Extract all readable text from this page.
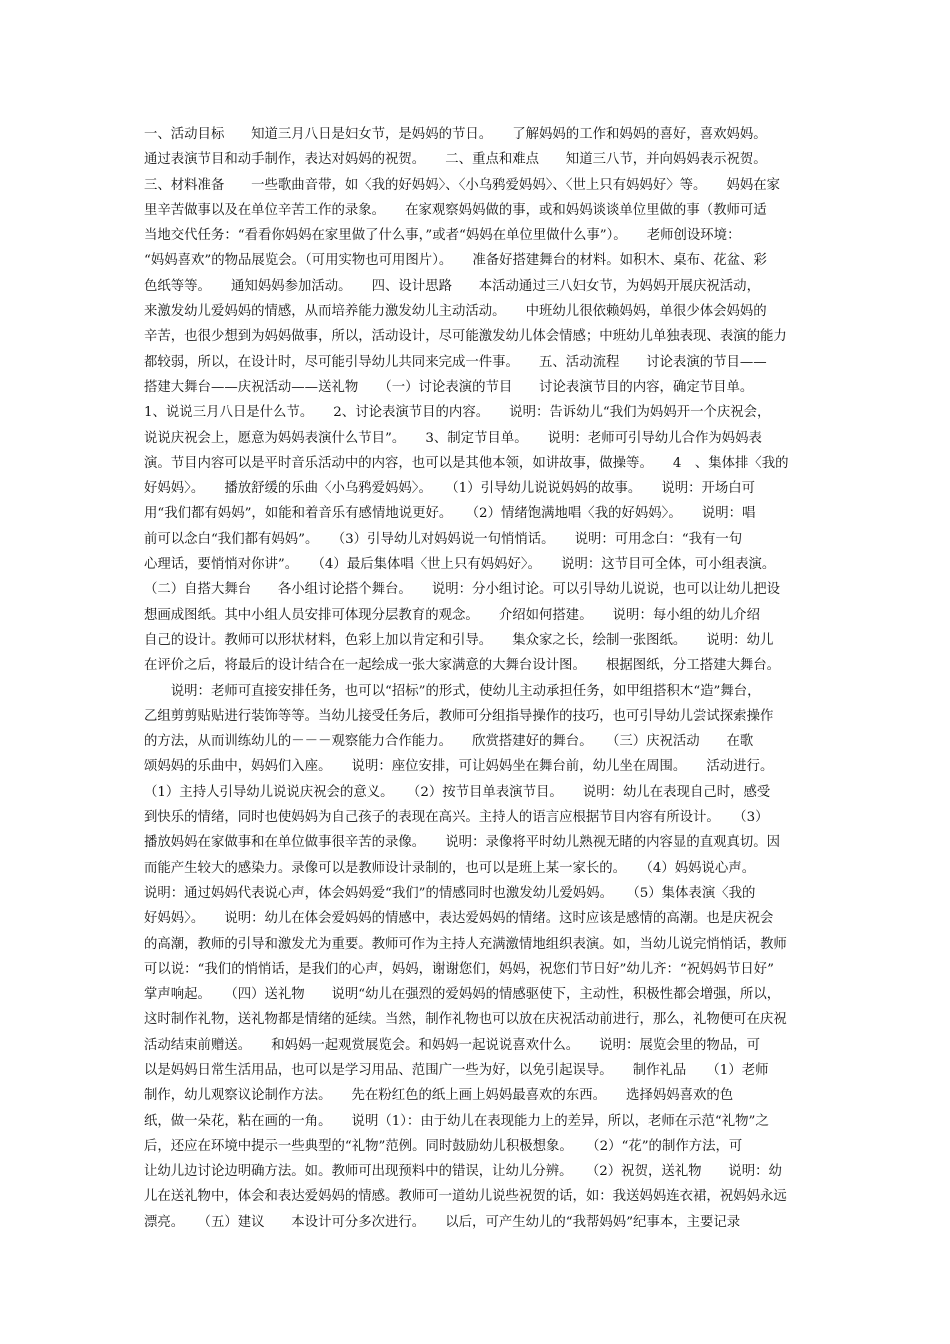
一、活动目标　　知道三月八日是妇女节，是妈妈的节日。　　了解妈妈的工作和妈妈的喜好，喜欢妈妈。
通过表演节目和动手制作，表达对妈妈的祝贺。　　二、重点和难点　　知道三八节，并向妈妈表示祝贺。
三、材料准备　　一些歌曲音带，如〈我的好妈妈〉、〈小乌鸦爱妈妈〉、〈世上只有妈妈好〉等。　　妈妈在家
里辛苦做事以及在单位辛苦工作的录象。　　在家观察妈妈做的事，或和妈妈谈谈单位里做的事（教师可适
当地交代任务：“看看你妈妈在家里做了什么事，”或者“妈妈在单位里做什么事”）。　　老师创设环境：
“妈妈喜欢”的物品展览会。（可用实物也可用图片）。　　准备好搭建舞台的材料。如积木、桌布、花盆、彩
色纸等等。　　通知妈妈参加活动。　　四、设计思路　　本活动通过三八妇女节，为妈妈开展庆祝活动，
来激发幼儿爱妈妈的情感，从而培养能力激发幼儿主动活动。　　中班幼儿很依赖妈妈，单很少体会妈妈的
辛苦，也很少想到为妈妈做事，所以，活动设计，尽可能激发幼儿体会情感；中班幼儿单独表现、表演的能力
都较弱，所以，在设计时，尽可能引导幼儿共同来完成一件事。　　五、活动流程　　讨论表演的节目——
搭建大舞台——庆祝活动——送礼物　　（一）讨论表演的节目　　讨论表演节目的内容，确定节目单。
1、说说三月八日是什么节。　　2、讨论表演节目的内容。　　说明：告诉幼儿“我们为妈妈开一个庆祝会，
说说庆祝会上，愿意为妈妈表演什么节目”。　　3、制定节目单。　　说明：老师可引导幼儿合作为妈妈表
演。节目内容可以是平时音乐活动中的内容，也可以是其他本领，如讲故事，做操等。　　4　、集体排〈我的
好妈妈〉。　　播放舒缓的乐曲〈小乌鸦爱妈妈〉。　　（1）引导幼儿说说妈妈的故事。　　说明：开场白可
用“我们都有妈妈”，如能和着音乐有感情地说更好。　　（2）情绪饱满地唱〈我的好妈妈〉。　　说明：唱
前可以念白“我们都有妈妈”。　　（3）引导幼儿对妈妈说一句悄悄话。　　说明：可用念白：“我有一句
心理话，要悄悄对你讲”。　　（4）最后集体唱〈世上只有妈妈好〉。　　说明：这节目可全体，可小组表演。
（二）自搭大舞台　　各小组讨论搭个舞台。　　说明：分小组讨论。可以引导幼儿说说，也可以让幼儿把设
想画成图纸。其中小组人员安排可体现分层教育的观念。　　介绍如何搭建。　　说明：每小组的幼儿介绍
自己的设计。教师可以形状材料，色彩上加以肯定和引导。　　集众家之长，绘制一张图纸。　　说明：幼儿
在评价之后，将最后的设计结合在一起绘成一张大家满意的大舞台设计图。　　根据图纸，分工搭建大舞台。
　　说明：老师可直接安排任务，也可以“招标”的形式，使幼儿主动承担任务，如甲组搭积木“造”舞台，
乙组剪剪贴贴进行装饰等等。当幼儿接受任务后，教师可分组指导操作的技巧，也可引导幼儿尝试探索操作
的方法，从而训练幼儿的－－－观察能力合作能力。　　欣赏搭建好的舞台。　　（三）庆祝活动　　在歌
颂妈妈的乐曲中，妈妈们入座。　　说明：座位安排，可让妈妈坐在舞台前，幼儿坐在周围。　　活动进行。
（1）主持人引导幼儿说说庆祝会的意义。　　（2）按节目单表演节目。　　说明：幼儿在表现自己时，感受
到快乐的情绪，同时也使妈妈为自己孩子的表现在高兴。主持人的语言应根据节目内容有所设计。　　（3）
播放妈妈在家做事和在单位做事很辛苦的录像。　　说明：录像将平时幼儿熟视无睹的内容显的直观真切。因
而能产生较大的感染力。录像可以是教师设计录制的，也可以是班上某一家长的。　　（4）妈妈说心声。
说明：通过妈妈代表说心声，体会妈妈爱“我们”的情感同时也激发幼儿爱妈妈。　　（5）集体表演〈我的
好妈妈〉。　　说明：幼儿在体会爱妈妈的情感中，表达爱妈妈的情绪。这时应该是感情的高潮。也是庆祝会
的高潮，教师的引导和激发尤为重要。教师可作为主持人充满激情地组织表演。如，当幼儿说完悄悄话，教师
可以说：“我们的悄悄话，是我们的心声，妈妈，谢谢您们，妈妈，祝您们节日好”幼儿齐：“祝妈妈节日好”
掌声响起。　　（四）送礼物　　说明“幼儿在强烈的爱妈妈的情感驱使下，主动性，积极性都会增强，所以，
这时制作礼物，送礼物都是情绪的延续。当然，制作礼物也可以放在庆祝活动前进行，那么，礼物便可在庆祝
活动结束前赠送。　　和妈妈一起观赏展览会。和妈妈一起说说喜欢什么。　　说明：展览会里的物品，可
以是妈妈日常生活用品，也可以是学习用品、范围广一些为好，以免引起误导。　　制作礼品　　（1）老师
制作，幼儿观察议论制作方法。　　先在粉红色的纸上画上妈妈最喜欢的东西。　　选择妈妈喜欢的色
纸，做一朵花，粘在画的一角。　　说明（1）：由于幼儿在表现能力上的差异，所以，老师在示范“礼物”之
后，还应在环境中提示一些典型的“礼物”范例。同时鼓励幼儿积极想象。　　（2）“花”的制作方法，可
让幼儿边讨论边明确方法。如。教师可出现预料中的错误，让幼儿分辨。　　（2）祝贺，送礼物　　说明：幼
儿在送礼物中，体会和表达爱妈妈的情感。教师可一道幼儿说些祝贺的话，如：我送妈妈连衣裙，祝妈妈永远
漂亮。　　（五）建议　　本设计可分多次进行。　　以后，可产生幼儿的“我帮妈妈”纪事本，主要记录
